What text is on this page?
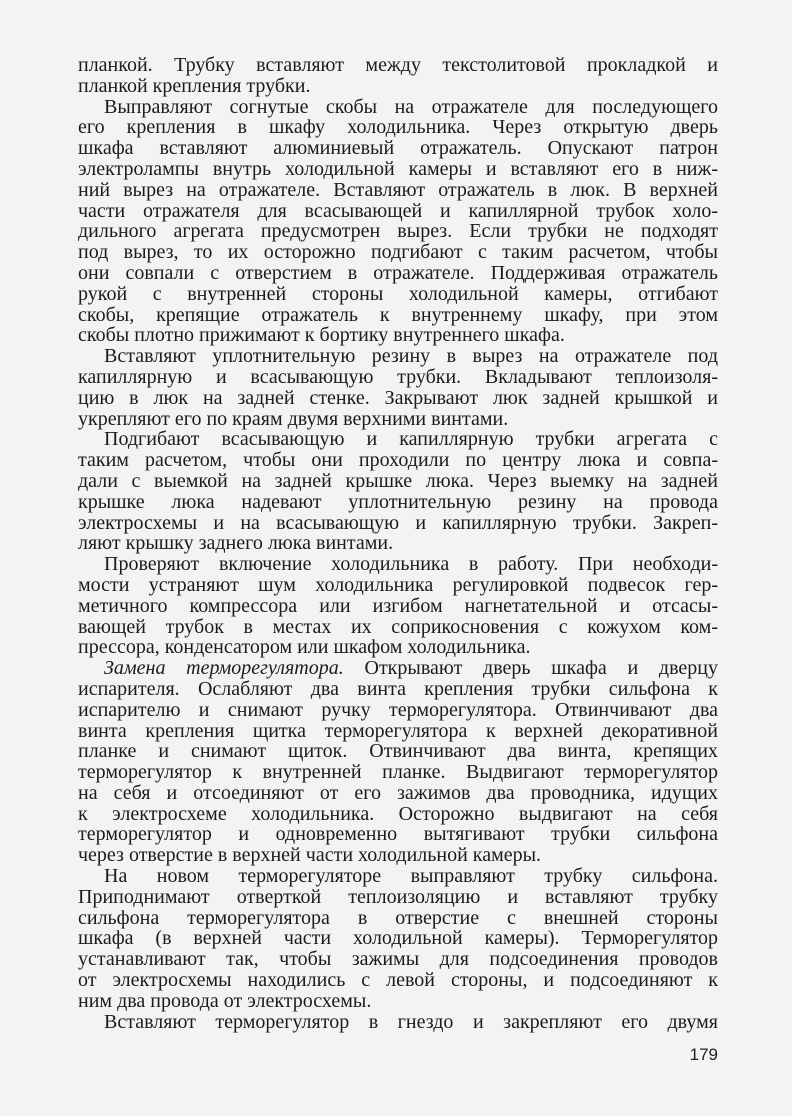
планкой. Трубку вставляют между текстолитовой прокладкой и
планкой крепления трубки.
Выправляют согнутые скобы на отражателе для последующего
его крепления в шкафу холодильника. Через открытую дверь
шкафа вставляют алюминиевый отражатель. Опускают патрон
электролампы внутрь холодильной камеры и вставляют его в ниж-
ний вырез на отражателе. Вставляют отражатель в люк. В верхней
части отражателя для всасывающей и капиллярной трубок холо-
дильного агрегата предусмотрен вырез. Если трубки не подходят
под вырез, то их осторожно подгибают с таким расчетом, чтобы
они совпали с отверстием в отражателе. Поддерживая отражатель
рукой с внутренней стороны холодильной камеры, отгибают
скобы, крепящие отражатель к внутреннему шкафу, при этом
скобы плотно прижимают к бортику внутреннего шкафа.
Вставляют уплотнительную резину в вырез на отражателе под
капиллярную и всасывающую трубки. Вкладывают теплоизоля-
цию в люк на задней стенке. Закрывают люк задней крышкой и
укрепляют его по краям двумя верхними винтами.
Подгибают всасывающую и капиллярную трубки агрегата с
таким расчетом, чтобы они проходили по центру люка и совпа-
дали с выемкой на задней крышке люка. Через выемку на задней
крышке люка надевают уплотнительную резину на провода
электросхемы и на всасывающую и капиллярную трубки. Закреп-
ляют крышку заднего люка винтами.
Проверяют включение холодильника в работу. При необходи-
мости устраняют шум холодильника регулировкой подвесок гер-
метичного компрессора или изгибом нагнетательной и отсасы-
вающей трубок в местах их соприкосновения с кожухом ком-
прессора, конденсатором или шкафом холодильника.
Замена терморегулятора. Открывают дверь шкафа и дверцу
испарителя. Ослабляют два винта крепления трубки сильфона к
испарителю и снимают ручку терморегулятора. Отвинчивают два
винта крепления щитка терморегулятора к верхней декоративной
планке и снимают щиток. Отвинчивают два винта, крепящих
терморегулятор к внутренней планке. Выдвигают терморегулятор
на себя и отсоединяют от его зажимов два проводника, идущих
к электросхеме холодильника. Осторожно выдвигают на себя
терморегулятор и одновременно вытягивают трубки сильфона
через отверстие в верхней части холодильной камеры.
На новом терморегуляторе выправляют трубку сильфона.
Приподнимают отверткой теплоизоляцию и вставляют трубку
сильфона терморегулятора в отверстие с внешней стороны
шкафа (в верхней части холодильной камеры). Терморегулятор
устанавливают так, чтобы зажимы для подсоединения проводов
от электросхемы находились с левой стороны, и подсоединяют к
ним два провода от электросхемы.
Вставляют терморегулятор в гнездо и закрепляют его двумя
179
